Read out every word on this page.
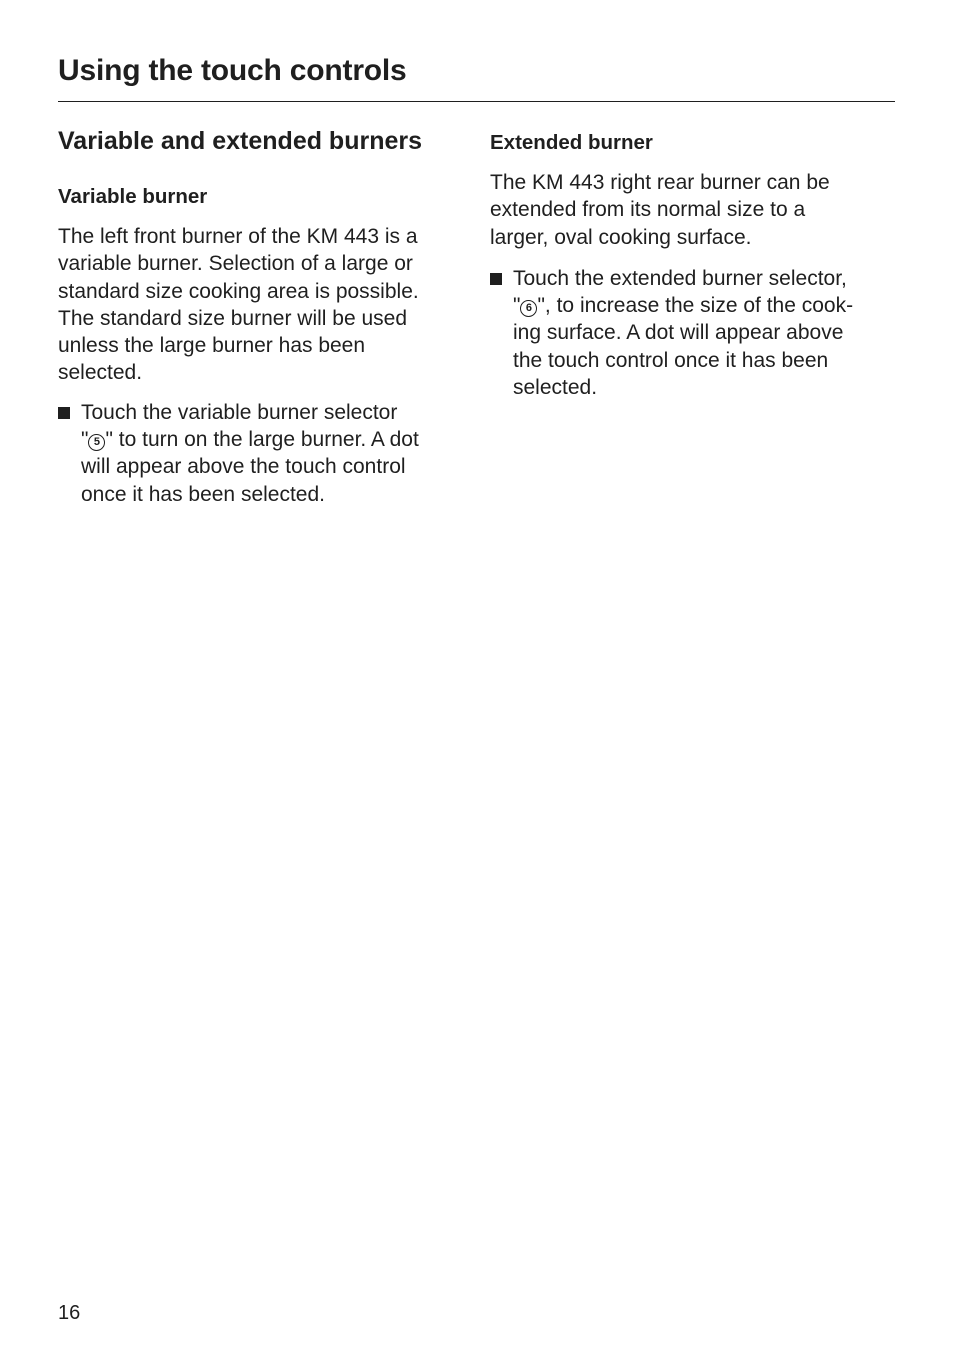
Using the touch controls
Variable and extended burners
Variable burner

The left front burner of the KM 443 is a
variable burner. Selection of a large or
standard size cooking area is possible.
The standard size burner will be used
unless the large burner has been
selected.

Touch the variable burner selector
" 5 " to turn on the large burner. A dot
will appear above the touch control
once it has been selected.
Extended burner

The KM 443 right rear burner can be
extended from its normal size to a
larger, oval cooking surface.

Touch the extended burner selector,
" 6 ", to increase the size of the cook-
ing surface. A dot will appear above
the touch control once it has been
selected.

16
